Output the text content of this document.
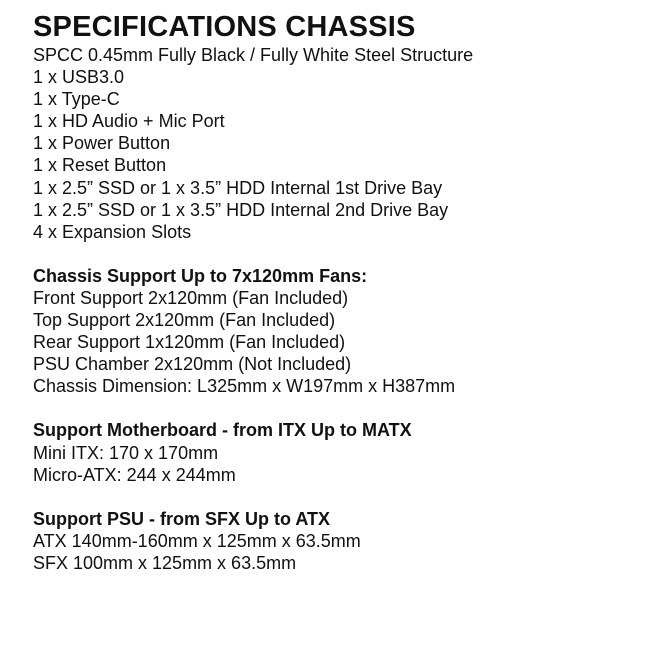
SPECIFICATIONS CHASSIS

SPCC 0.45mm Fully Black / Fully White Steel Structure

1 x USB3.0

1 x Type-C

1 x HD Audio + Mic Port

1 x Power Button

1 x Reset Button

1 x 2.5” SSD or 1 x 3.5” HDD Internal 1st Drive Bay

1 x 2.5” SSD or 1 x 3.5” HDD Internal 2nd Drive Bay

4 x Expansion Slots

Chassis Support Up to 7x120mm Fans:

Front Support 2x120mm (Fan Included)

Top Support 2x120mm (Fan Included)

Rear Support 1x120mm (Fan Included)

PSU Chamber 2x120mm (Not Included)

Chassis Dimension: L325mm x W197mm x H387mm

Support Motherboard - from ITX Up to MATX

Mini ITX: 170 x 170mm

Micro-ATX: 244 x 244mm

Support PSU - from SFX Up to ATX

ATX 140mm-160mm x 125mm x 63.5mm

SFX 100mm x 125mm x 63.5mm
